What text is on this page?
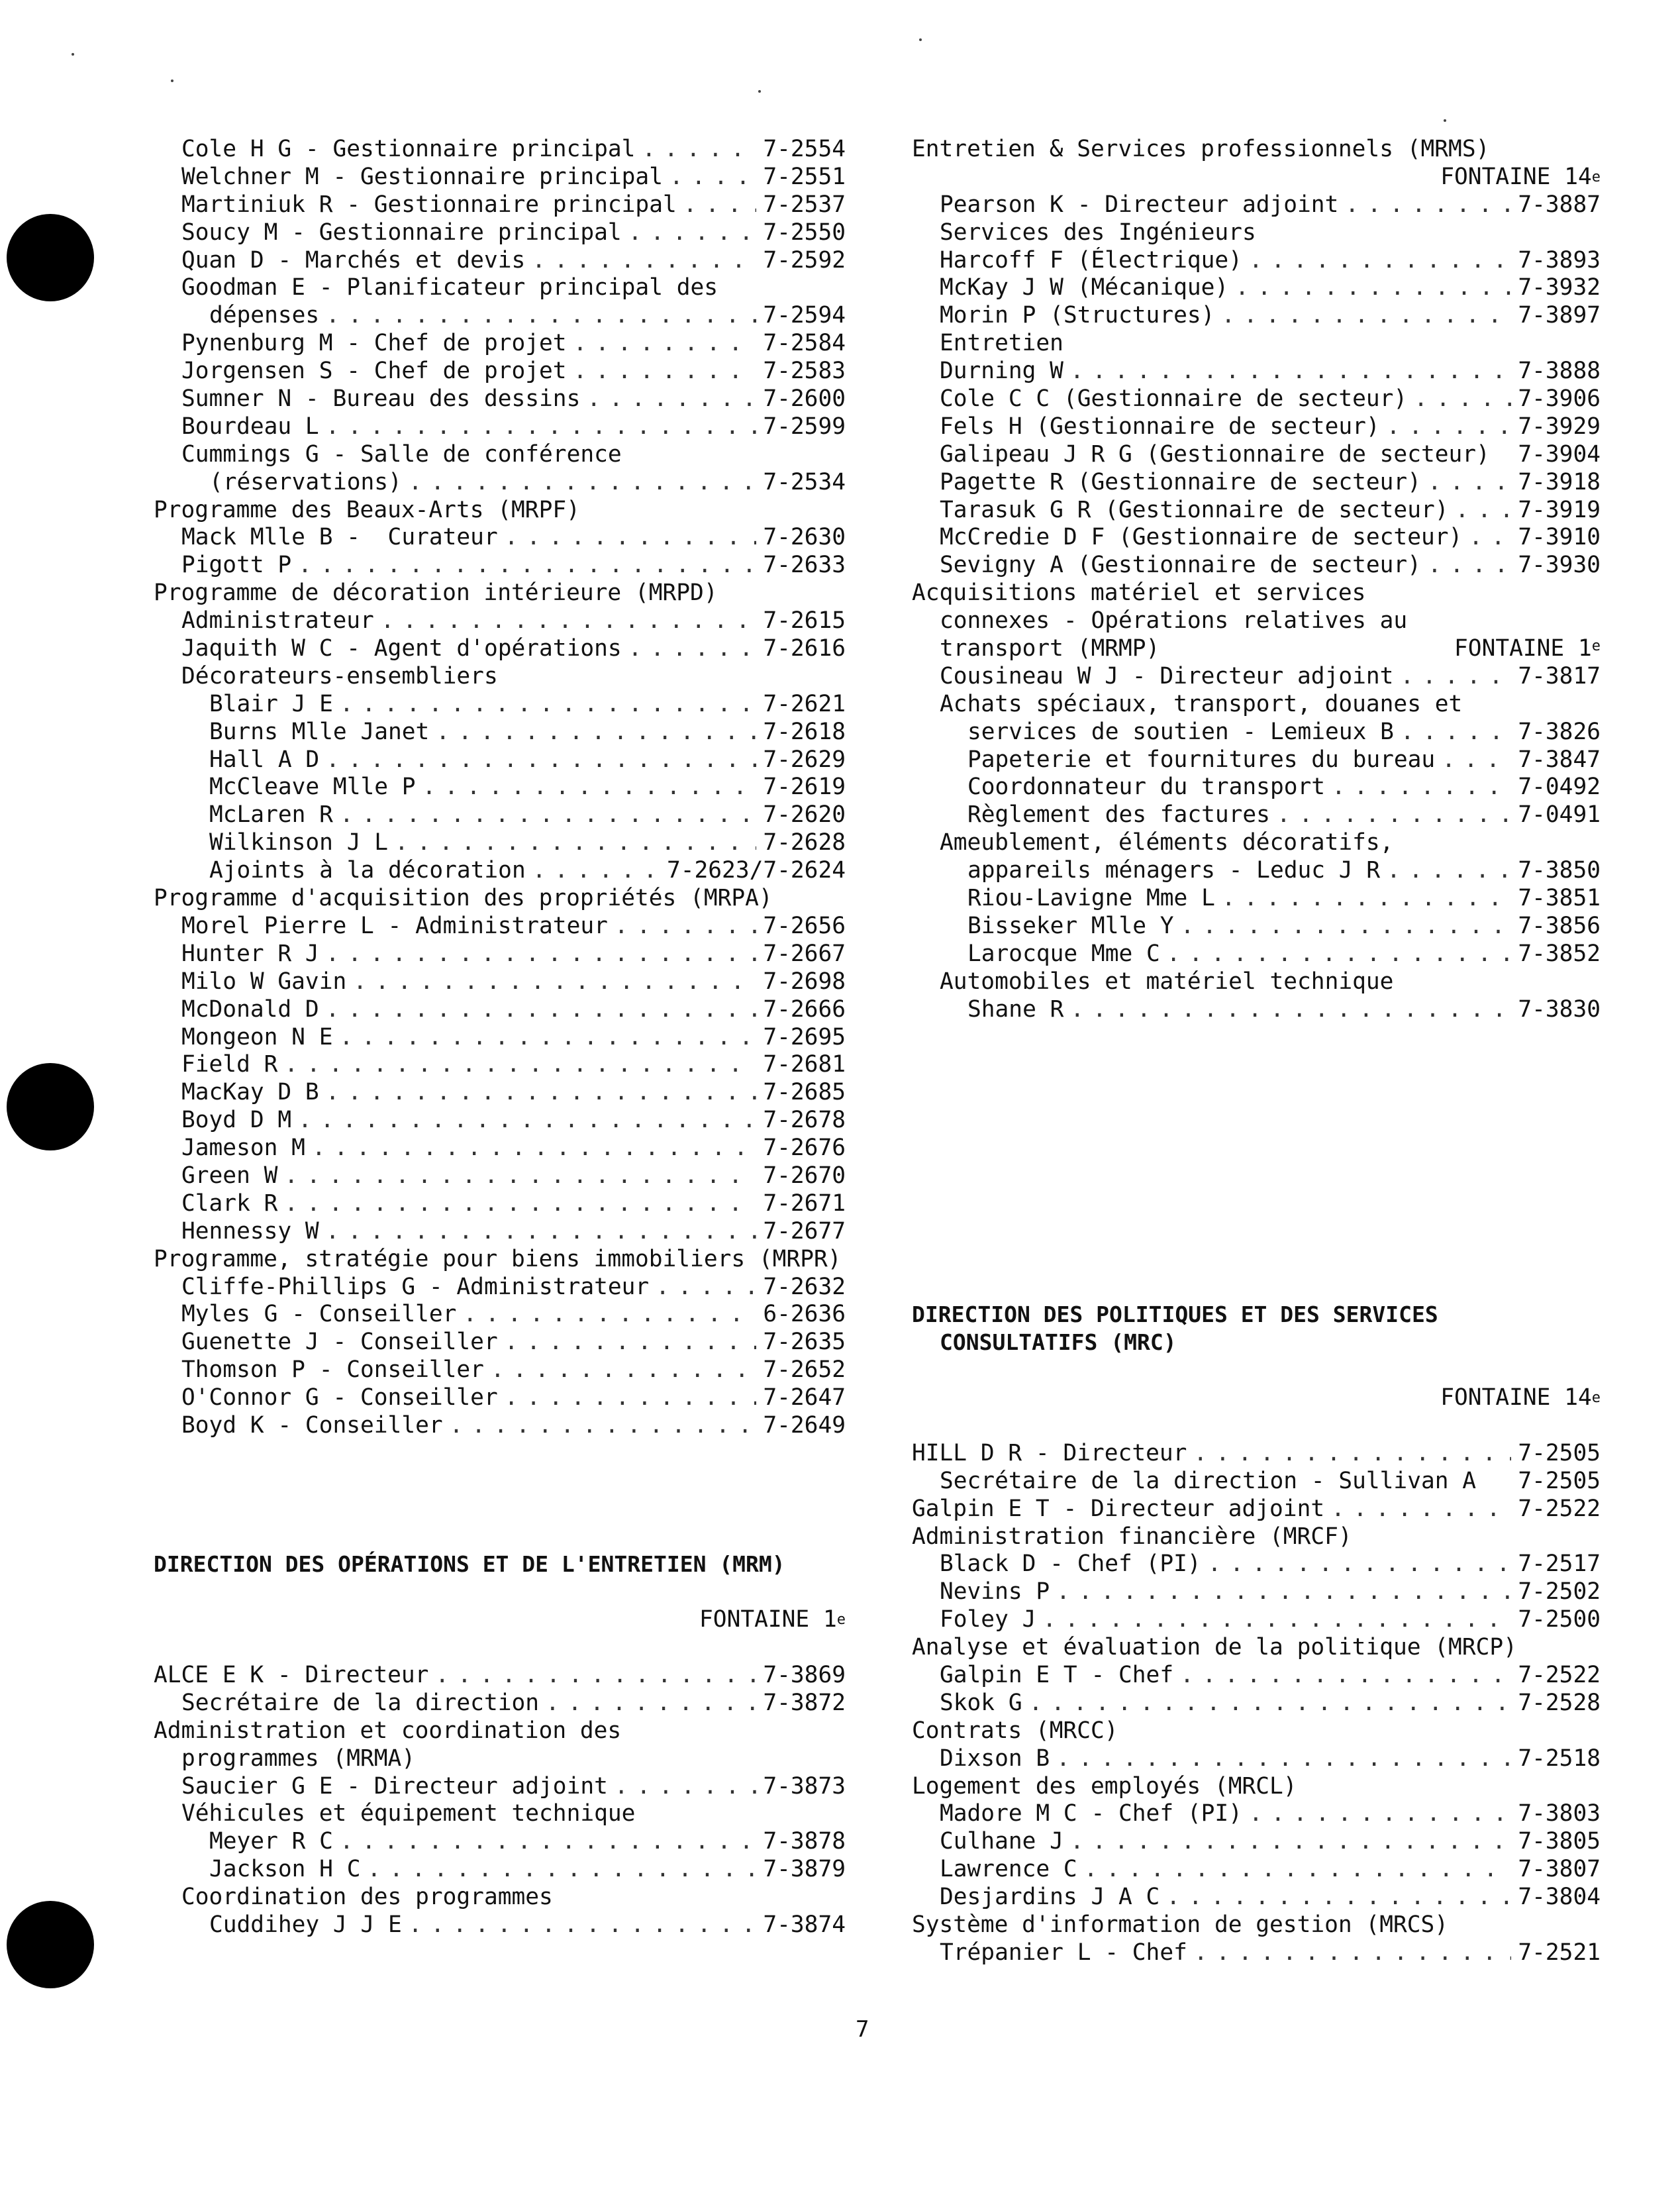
Cole H G - Gestionnaire principal . . .	7-2554
Welchner M - Gestionnaire principal . . .	7-2551
Martiniuk R - Gestionnaire principal . . .	7-2537
Soucy M - Gestionnaire principal . . .	7-2550
Quan D - Marchés et devis . . .	7-2592
Goodman E - Planificateur principal des
dépenses . . .	7-2594
Pynenburg M - Chef de projet . . .	7-2584
Jorgensen S - Chef de projet . . .	7-2583
Sumner N - Bureau des dessins . . .	7-2600
Bourdeau L . . .	7-2599
Cummings G - Salle de conférence
(réservations) . . .	7-2534
Programme des Beaux-Arts (MRPF)
Mack Mlle B -  Curateur . . .	7-2630
Pigott P . . .	7-2633
Programme de décoration intérieure (MRPD)
Administrateur . . .	7-2615
Jaquith W C - Agent d'opérations . . .	7-2616
Décorateurs-ensembliers
Blair J E . . .	7-2621
Burns Mlle Janet . . .	7-2618
Hall A D . . .	7-2629
McCleave Mlle P . . .	7-2619
McLaren R . . .	7-2620
Wilkinson J L . . .	7-2628
Ajoints à la décoration . . .	7-2623/7-2624
Programme d'acquisition des propriétés (MRPA)
Morel Pierre L - Administrateur . . .	7-2656
Hunter R J . . .	7-2667
Milo W Gavin . . .	7-2698
McDonald D . . .	7-2666
Mongeon N E . . .	7-2695
Field R . . .	7-2681
MacKay D B . . .	7-2685
Boyd D M . . .	7-2678
Jameson M . . .	7-2676
Green W . . .	7-2670
Clark R . . .	7-2671
Hennessy W . . .	7-2677
Programme, stratégie pour biens immobiliers (MRPR)
Cliffe-Phillips G - Administrateur . . .	7-2632
Myles G - Conseiller . . .	6-2636
Guenette J - Conseiller . . .	7-2635
Thomson P - Conseiller . . .	7-2652
O'Connor G - Conseiller . . .	7-2647
Boyd K - Conseiller . . .	7-2649
DIRECTION DES OPÉRATIONS ET DE L'ENTRETIEN (MRM)
FONTAINE 1e
ALCE E K - Directeur . . .	7-3869
Secrétaire de la direction . . .	7-3872
Administration et coordination des
programmes (MRMA)
Saucier G E - Directeur adjoint . . .	7-3873
Véhicules et équipement technique
Meyer R C . . .	7-3878
Jackson H C . . .	7-3879
Coordination des programmes
Cuddihey J J E . . .	7-3874
Entretien & Services professionnels (MRMS)
FONTAINE 14e
Pearson K - Directeur adjoint . . .	7-3887
Services des Ingénieurs
Harcoff F (Électrique) . . .	7-3893
McKay J W (Mécanique) . . .	7-3932
Morin P (Structures) . . .	7-3897
Entretien
Durning W . . .	7-3888
Cole C C (Gestionnaire de secteur) . . .	7-3906
Fels H (Gestionnaire de secteur) . . .	7-3929
Galipeau J R G (Gestionnaire de secteur) 7-3904
Pagette R (Gestionnaire de secteur) . . .	7-3918
Tarasuk G R (Gestionnaire de secteur) . . .	7-3919
McCredie D F (Gestionnaire de secteur) . . . 7-3910
Sevigny A (Gestionnaire de secteur) . . .	7-3930
Acquisitions matériel et services
connexes - Opérations relatives au
transport (MRMP)	FONTAINE 1e
Cousineau W J - Directeur adjoint . . .	7-3817
Achats spéciaux, transport, douanes et
services de soutien - Lemieux B . . .	7-3826
Papeterie et fournitures du bureau . . .	7-3847
Coordonnateur du transport . . .	7-0492
Règlement des factures . . .	7-0491
Ameublement, éléments décoratifs,
appareils ménagers - Leduc J R . . .	7-3850
Riou-Lavigne Mme L . . .	7-3851
Bisseker Mlle Y . . .	7-3856
Larocque Mme C . . .	7-3852
Automobiles et matériel technique
Shane R . . .	7-3830
DIRECTION DES POLITIQUES ET DES SERVICES
CONSULTATIFS (MRC)
FONTAINE 14e
HILL D R - Directeur . . .	7-2505
Secrétaire de la direction - Sullivan A 7-2505
Galpin E T - Directeur adjoint . . .	7-2522
Administration financière (MRCF)
Black D - Chef (PI) . . .	7-2517
Nevins P . . .	7-2502
Foley J . . .	7-2500
Analyse et évaluation de la politique (MRCP)
Galpin E T - Chef . . .	7-2522
Skok G . . .	7-2528
Contrats (MRCC)
Dixson B . . .	7-2518
Logement des employés (MRCL)
Madore M C - Chef (PI) . . .	7-3803
Culhane J . . .	7-3805
Lawrence C . . .	7-3807
Desjardins J A C . . .	7-3804
Système d'information de gestion (MRCS)
Trépanier L - Chef . . .	7-2521
7
